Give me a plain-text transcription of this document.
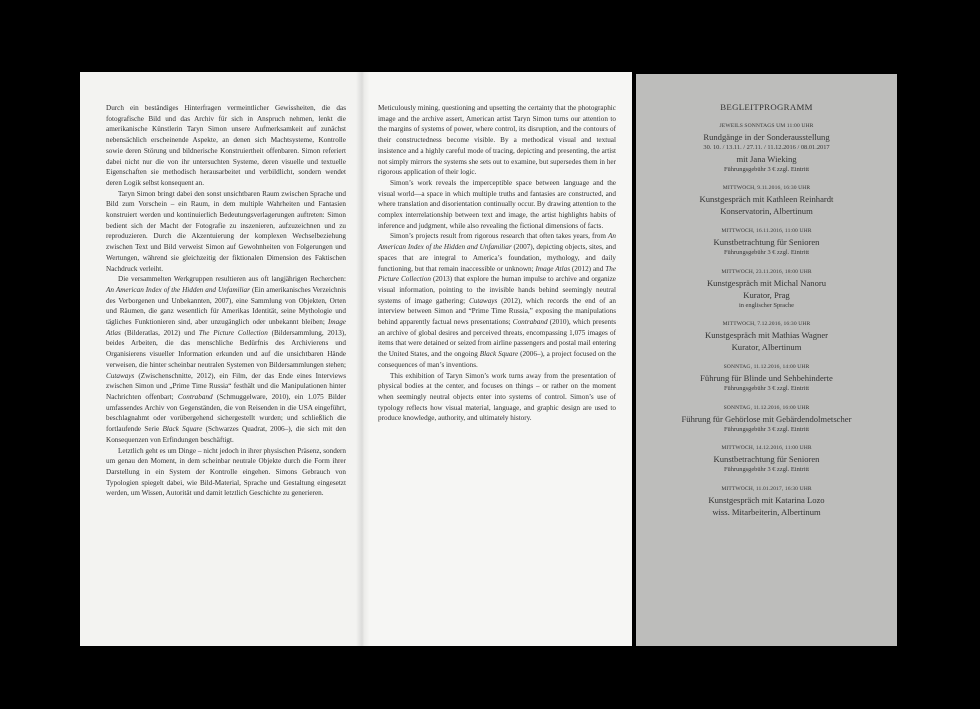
Durch ein beständiges Hinterfragen vermeintlicher Gewissheiten, die das fotografische Bild und das Archiv für sich in Anspruch nehmen, lenkt die amerikanische Künstlerin Taryn Simon unsere Aufmerksamkeit auf zunächst nebensächlich erscheinende Aspekte, an denen sich Machtsysteme, Kontrolle sowie deren Störung und bildnerische Konstruiertheit offenbaren. Simon referiert dabei nicht nur die von ihr untersuchten Systeme, deren visuelle und textuelle Eigenschaften sie methodisch herausarbeitet und verbildlicht, sondern wendet deren Logik selbst konsequent an.

Taryn Simon bringt dabei den sonst unsichtbaren Raum zwischen Sprache und Bild zum Vorschein – ein Raum, in dem multiple Wahrheiten und Fantasien konstruiert werden und kontinuierlich Bedeutungsverlagerungen auftreten: Simon bedient sich der Macht der Fotografie zu inszenieren, aufzuzeichnen und zu reproduzieren. Durch die Akzentuierung der komplexen Wechselbeziehung zwischen Text und Bild verweist Simon auf Gewohnheiten von Folgerungen und Wertungen, während sie gleichzeitig der fiktionalen Dimension des Faktischen Nachdruck verleiht.

Die versammelten Werkgruppen resultieren aus oft langjährigen Recherchen: An American Index of the Hidden and Unfamiliar (Ein amerikanisches Verzeichnis des Verborgenen und Unbekannten, 2007), eine Sammlung von Objekten, Orten und Räumen, die ganz wesentlich für Amerikas Identität, seine Mythologie und tägliches Funktionieren sind, aber unzugänglich oder unbekannt bleiben; Image Atlas (Bilderatlas, 2012) und The Picture Collection (Bildersammlung, 2013), beides Arbeiten, die das menschliche Bedürfnis des Archivierens und Organisierens visueller Information erkunden und auf die unsichtbaren Hände verweisen, die hinter scheinbar neutralen Systemen von Bildersammlungen stehen; Cutaways (Zwischenschnitte, 2012), ein Film, der das Ende eines Interviews zwischen Simon und „Prime Time Russia“ festhält und die Manipulationen hinter Nachrichten offenbart; Contraband (Schmuggelware, 2010), ein 1.075 Bilder umfassendes Archiv von Gegenständen, die von Reisenden in die USA eingeführt, beschlagnahmt oder vorübergehend sichergestellt wurden; und schließlich die fortlaufende Serie Black Square (Schwarzes Quadrat, 2006–), die sich mit den Konsequenzen von Erfindungen beschäftigt.

Letztlich geht es um Dinge – nicht jedoch in ihrer physischen Präsenz, sondern um genau den Moment, in dem scheinbar neutrale Objekte durch die Form ihrer Darstellung in ein System der Kontrolle eingehen. Simons Gebrauch von Typologien spiegelt dabei, wie Bild-Material, Sprache und Gestaltung eingesetzt werden, um Wissen, Autorität und damit letztlich Geschichte zu generieren.

Meticulously mining, questioning and upsetting the certainty that the photographic image and the archive assert, American artist Taryn Simon turns our attention to the margins of systems of power, where control, its disruption, and the contours of their constructedness become visible. By a methodical visual and textual insistence and a highly careful mode of tracing, depicting and presenting, the artist not simply mirrors the systems she sets out to examine, but supersedes them in her rigorous application of their logic.

Simon’s work reveals the imperceptible space between language and the visual world—a space in which multiple truths and fantasies are constructed, and where translation and disorientation continually occur. By drawing attention to the complex interrelationship between text and image, the artist highlights habits of inference and judgment, while also revealing the fictional dimensions of facts.

Simon’s projects result from rigorous research that often takes years, from An American Index of the Hidden and Unfamiliar (2007), depicting objects, sites, and spaces that are integral to America’s foundation, mythology, and daily functioning, but that remain inaccessible or unknown; Image Atlas (2012) and The Picture Collection (2013) that explore the human impulse to archive and organize visual information, pointing to the invisible hands behind seemingly neutral systems of image gathering; Cutaways (2012), which records the end of an interview between Simon and “Prime Time Russia,” exposing the manipulations behind apparently factual news presentations; Contraband (2010), which presents an archive of global desires and perceived threats, encompassing 1,075 images of items that were detained or seized from airline passengers and postal mail entering the United States, and the ongoing Black Square (2006–), a project focused on the consequences of man’s inventions.

This exhibition of Taryn Simon’s work turns away from the presentation of physical bodies at the center, and focuses on things – or rather on the moment when seemingly neutral objects enter into systems of control. Simon’s use of typology reflects how visual material, language, and graphic design are used to produce knowledge, authority, and ultimately history.

BEGLEITPROGRAMM
JEWEILS SONNTAGS UM 11:00 UHR
Rundgänge in der Sonderausstellung
30. 10. / 13.11. / 27.11. / 11.12.2016 / 08.01.2017
mit Jana Wieking
Führungsgebühr 3 € zzgl. Eintritt
MITTWOCH, 9.11.2016, 16:30 UHR
Kunstgespräch mit Kathleen Reinhardt
Konservatorin, Albertinum
MITTWOCH, 16.11.2016, 11:00 UHR
Kunstbetrachtung für Senioren
Führungsgebühr 3 € zzgl. Eintritt
MITTWOCH, 23.11.2016, 18:00 UHR
Kunstgespräch mit Michal Nanoru
Kurator, Prag
in englischer Sprache
MITTWOCH, 7.12.2016, 16:30 UHR
Kunstgespräch mit Mathias Wagner
Kurator, Albertinum
SONNTAG, 11.12.2016, 14:00 UHR
Führung für Blinde und Sehbehinderte
Führungsgebühr 3 € zzgl. Eintritt
SONNTAG, 11.12.2016, 16:00 UHR
Führung für Gehörlose mit Gebärdendolmetscher
Führungsgebühr 3 € zzgl. Eintritt
MITTWOCH, 14.12.2016, 11:00 UHR
Kunstbetrachtung für Senioren
Führungsgebühr 3 € zzgl. Eintritt
MITTWOCH, 11.01.2017, 16:30 UHR
Kunstgespräch mit Katarina Lozo
wiss. Mitarbeiterin, Albertinum
